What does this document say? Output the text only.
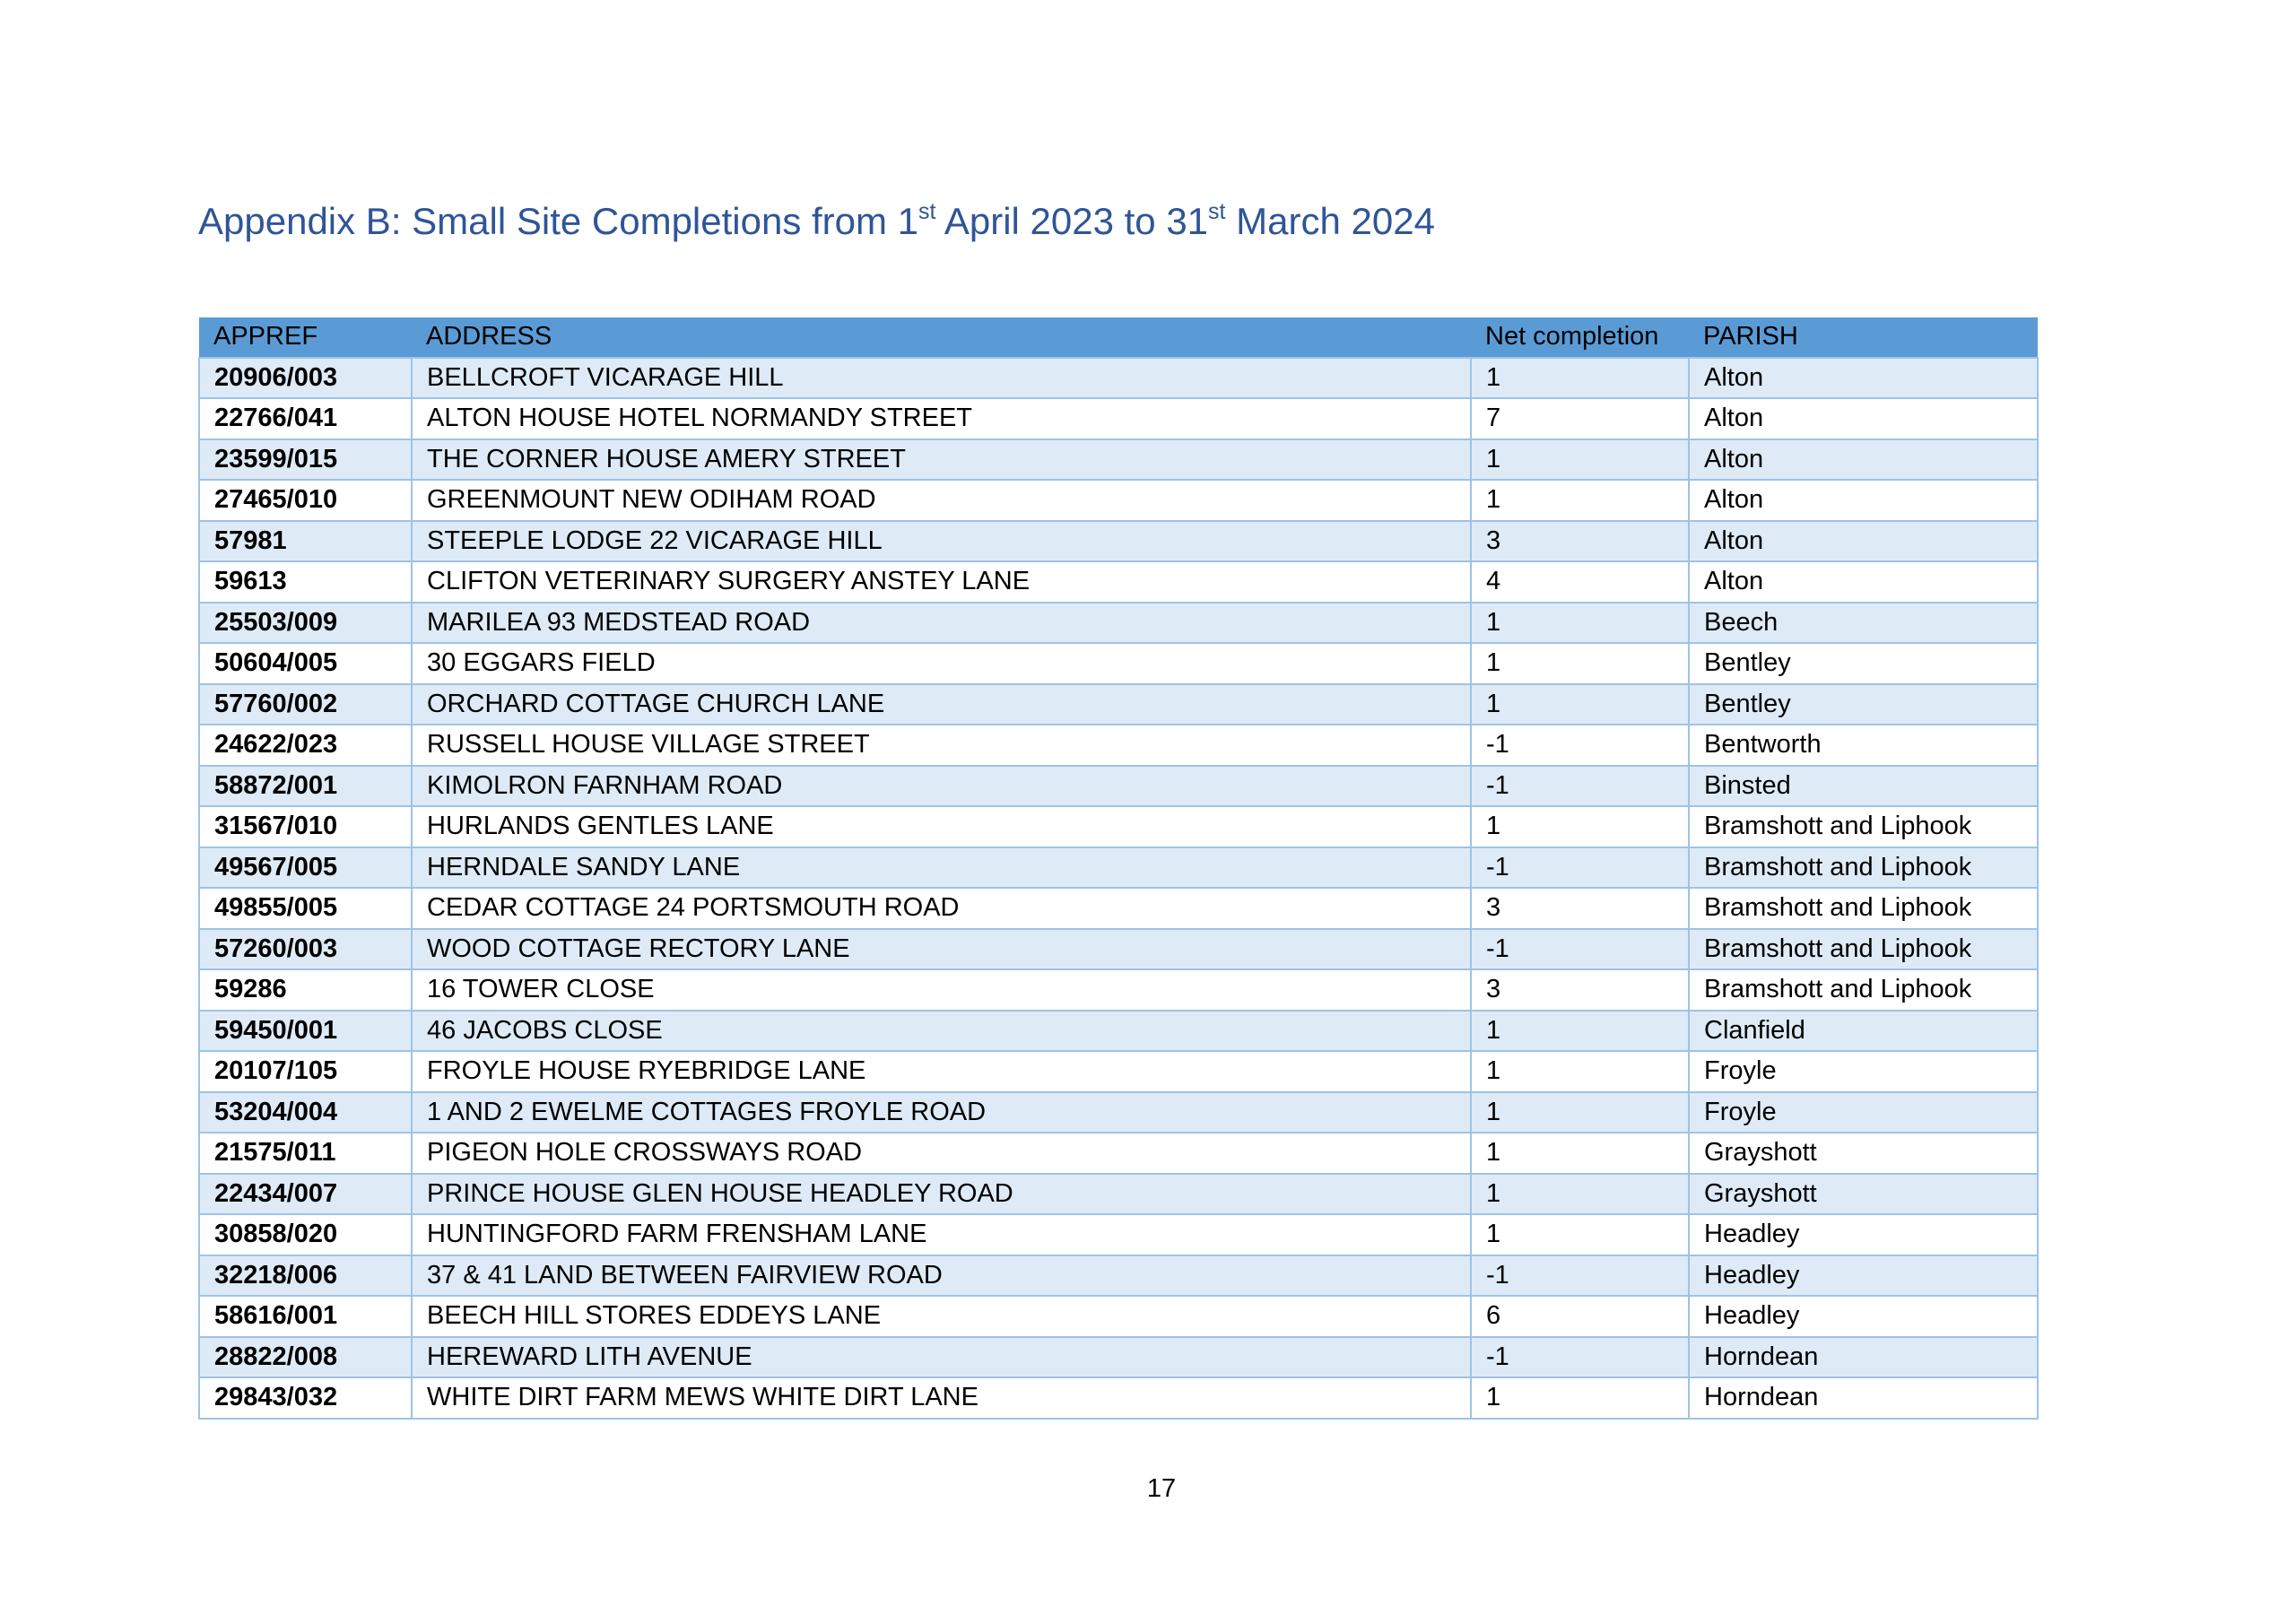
Appendix B: Small Site Completions from 1st April 2023 to 31st March 2024
APPREF	ADDRESS	Net completion	PARISH
20906/003	BELLCROFT VICARAGE HILL	1	Alton
22766/041	ALTON HOUSE HOTEL NORMANDY STREET	7	Alton
23599/015	THE CORNER HOUSE AMERY STREET	1	Alton
27465/010	GREENMOUNT NEW ODIHAM ROAD	1	Alton
57981	STEEPLE LODGE 22 VICARAGE HILL	3	Alton
59613	CLIFTON VETERINARY SURGERY ANSTEY LANE	4	Alton
25503/009	MARILEA 93 MEDSTEAD ROAD	1	Beech
50604/005	30 EGGARS FIELD	1	Bentley
57760/002	ORCHARD COTTAGE CHURCH LANE	1	Bentley
24622/023	RUSSELL HOUSE VILLAGE STREET	-1	Bentworth
58872/001	KIMOLRON FARNHAM ROAD	-1	Binsted
31567/010	HURLANDS GENTLES LANE	1	Bramshott and Liphook
49567/005	HERNDALE SANDY LANE	-1	Bramshott and Liphook
49855/005	CEDAR COTTAGE 24 PORTSMOUTH ROAD	3	Bramshott and Liphook
57260/003	WOOD COTTAGE RECTORY LANE	-1	Bramshott and Liphook
59286	16 TOWER CLOSE	3	Bramshott and Liphook
59450/001	46 JACOBS CLOSE	1	Clanfield
20107/105	FROYLE HOUSE RYEBRIDGE LANE	1	Froyle
53204/004	1 AND 2 EWELME COTTAGES FROYLE ROAD	1	Froyle
21575/011	PIGEON HOLE CROSSWAYS ROAD	1	Grayshott
22434/007	PRINCE HOUSE GLEN HOUSE HEADLEY ROAD	1	Grayshott
30858/020	HUNTINGFORD FARM FRENSHAM LANE	1	Headley
32218/006	37 & 41 LAND BETWEEN FAIRVIEW ROAD	-1	Headley
58616/001	BEECH HILL STORES EDDEYS LANE	6	Headley
28822/008	HEREWARD LITH AVENUE	-1	Horndean
29843/032	WHITE DIRT FARM MEWS WHITE DIRT LANE	1	Horndean
17
